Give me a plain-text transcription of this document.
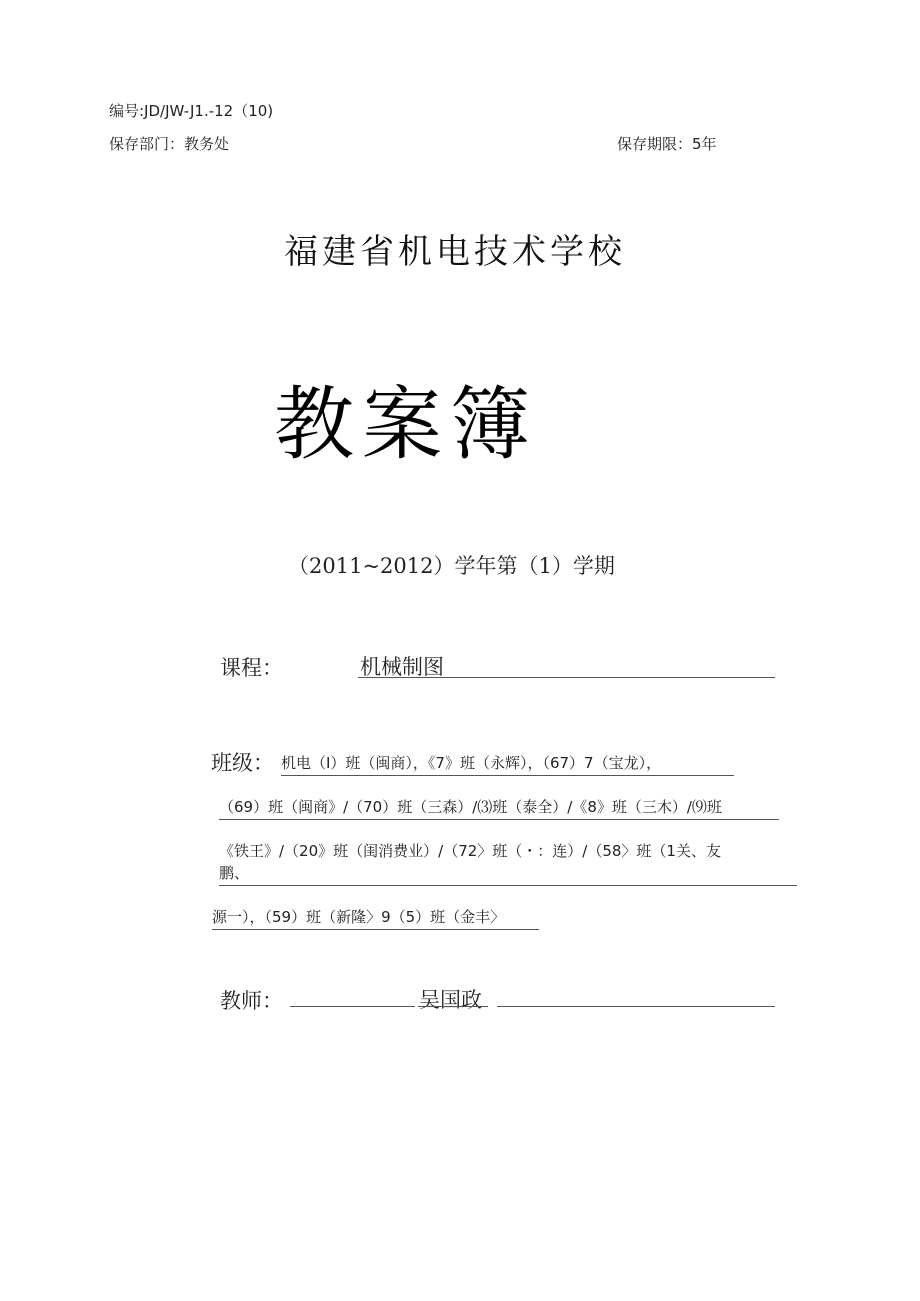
编号:JD/JW-J1.-12（10)
保存部门：教务处	保存期限：5年
福建省机电技术学校
教案簿
（2011~2012）学年第（1）学期
课程：	机械制图
班级： 机电（I）班（闽商），《7》班（永辉），（67）7（宝龙），
（69）班（闽商》/（70）班（三森）/⑶班（泰全）/《8》班（三木）/⑼班
《铁王》/（20》班（闺消费业）/（72〉班（・：连）/（58〉班（1关、友
鹏、
源一），（59）班（新隆〉9（5）班（金丰〉
教师：	吴国政
